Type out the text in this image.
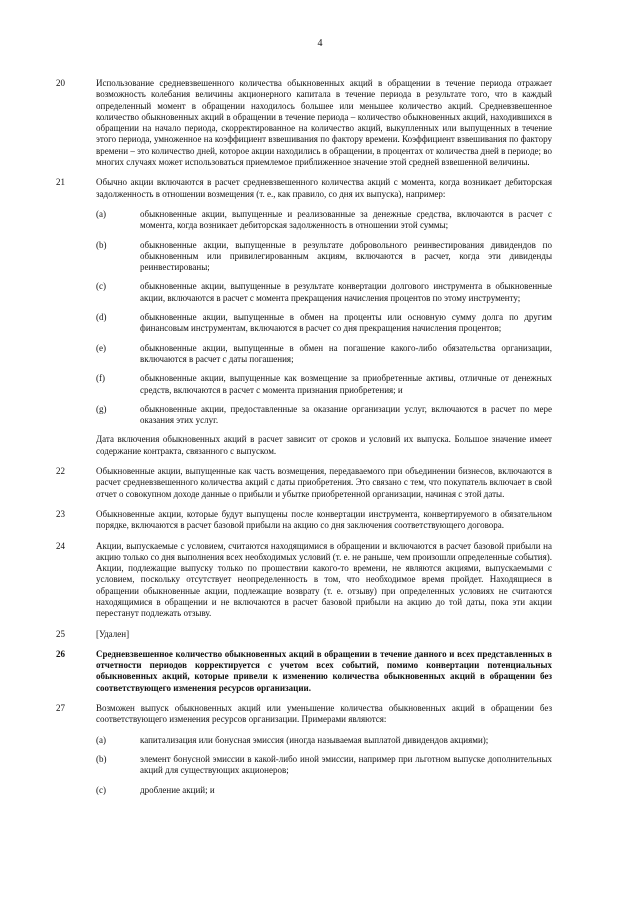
4
20	Использование средневзвешенного количества обыкновенных акций в обращении в течение периода отражает возможность колебания величины акционерного капитала в течение периода в результате того, что в каждый определенный момент в обращении находилось большее или меньшее количество акций. Средневзвешенное количество обыкновенных акций в обращении в течение периода – количество обыкновенных акций, находившихся в обращении на начало периода, скорректированное на количество акций, выкупленных или выпущенных в течение этого периода, умноженное на коэффициент взвешивания по фактору времени. Коэффициент взвешивания по фактору времени – это количество дней, которое акции находились в обращении, в процентах от количества дней в периоде; во многих случаях может использоваться приемлемое приближенное значение этой средней взвешенной величины.
21	Обычно акции включаются в расчет средневзвешенного количества акций с момента, когда возникает дебиторская задолженность в отношении возмещения (т. е., как правило, со дня их выпуска), например:
(a)	обыкновенные акции, выпущенные и реализованные за денежные средства, включаются в расчет с момента, когда возникает дебиторская задолженность в отношении этой суммы;
(b)	обыкновенные акции, выпущенные в результате добровольного реинвестирования дивидендов по обыкновенным или привилегированным акциям, включаются в расчет, когда эти дивиденды реинвестированы;
(c)	обыкновенные акции, выпущенные в результате конвертации долгового инструмента в обыкновенные акции, включаются в расчет с момента прекращения начисления процентов по этому инструменту;
(d)	обыкновенные акции, выпущенные в обмен на проценты или основную сумму долга по другим финансовым инструментам, включаются в расчет со дня прекращения начисления процентов;
(e)	обыкновенные акции, выпущенные в обмен на погашение какого-либо обязательства организации, включаются в расчет с даты погашения;
(f)	обыкновенные акции, выпущенные как возмещение за приобретенные активы, отличные от денежных средств, включаются в расчет с момента признания приобретения; и
(g)	обыкновенные акции, предоставленные за оказание организации услуг, включаются в расчет по мере оказания этих услуг.
Дата включения обыкновенных акций в расчет зависит от сроков и условий их выпуска. Большое значение имеет содержание контракта, связанного с выпуском.
22	Обыкновенные акции, выпущенные как часть возмещения, передаваемого при объединении бизнесов, включаются в расчет средневзвешенного количества акций с даты приобретения. Это связано с тем, что покупатель включает в свой отчет о совокупном доходе данные о прибыли и убытке приобретенной организации, начиная с этой даты.
23	Обыкновенные акции, которые будут выпущены после конвертации инструмента, конвертируемого в обязательном порядке, включаются в расчет базовой прибыли на акцию со дня заключения соответствующего договора.
24	Акции, выпускаемые с условием, считаются находящимися в обращении и включаются в расчет базовой прибыли на акцию только со дня выполнения всех необходимых условий (т. е. не раньше, чем произошли определенные события). Акции, подлежащие выпуску только по прошествии какого-то времени, не являются акциями, выпускаемыми с условием, поскольку отсутствует неопределенность в том, что необходимое время пройдет. Находящиеся в обращении обыкновенные акции, подлежащие возврату (т. е. отзыву) при определенных условиях не считаются находящимися в обращении и не включаются в расчет базовой прибыли на акцию до той даты, пока эти акции перестанут подлежать отзыву.
25	[Удален]
26	Средневзвешенное количество обыкновенных акций в обращении в течение данного и всех представленных в отчетности периодов корректируется с учетом всех событий, помимо конвертации потенциальных обыкновенных акций, которые привели к изменению количества обыкновенных акций в обращении без соответствующего изменения ресурсов организации.
27	Возможен выпуск обыкновенных акций или уменьшение количества обыкновенных акций в обращении без соответствующего изменения ресурсов организации. Примерами являются:
(a)	капитализация или бонусная эмиссия (иногда называемая выплатой дивидендов акциями);
(b)	элемент бонусной эмиссии в какой-либо иной эмиссии, например при льготном выпуске дополнительных акций для существующих акционеров;
(c)	дробление акций; и
